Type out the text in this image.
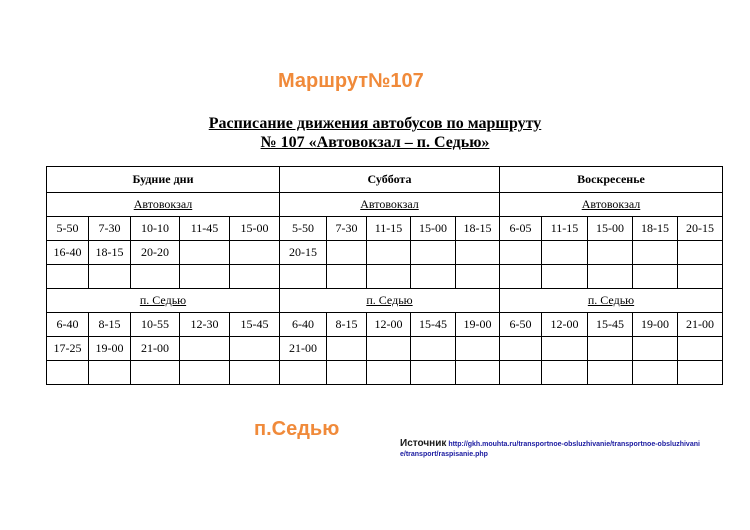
Маршрут№107
Расписание движения автобусов по маршруту
№ 107 «Автовокзал – п. Седью»
Будние дни					Суббота					Воскресенье				
Автовокзал					Автовокзал					Автовокзал				
5-50	7-30	10-10	11-45	15-00	5-50	7-30	11-15	15-00	18-15	6-05	11-15	15-00	18-15	20-15
16-40	18-15	20-20			20-15									

п. Седью					п. Седью					п. Седью				
6-40	8-15	10-55	12-30	15-45	6-40	8-15	12-00	15-45	19-00	6-50	12-00	15-45	19-00	21-00
17-25	19-00	21-00			21-00									

п.Седью
Источник http://gkh.mouhta.ru/transportnoe-obsluzhivanie/transportnoe-obsluzhivanie/transport/raspisanie.php
